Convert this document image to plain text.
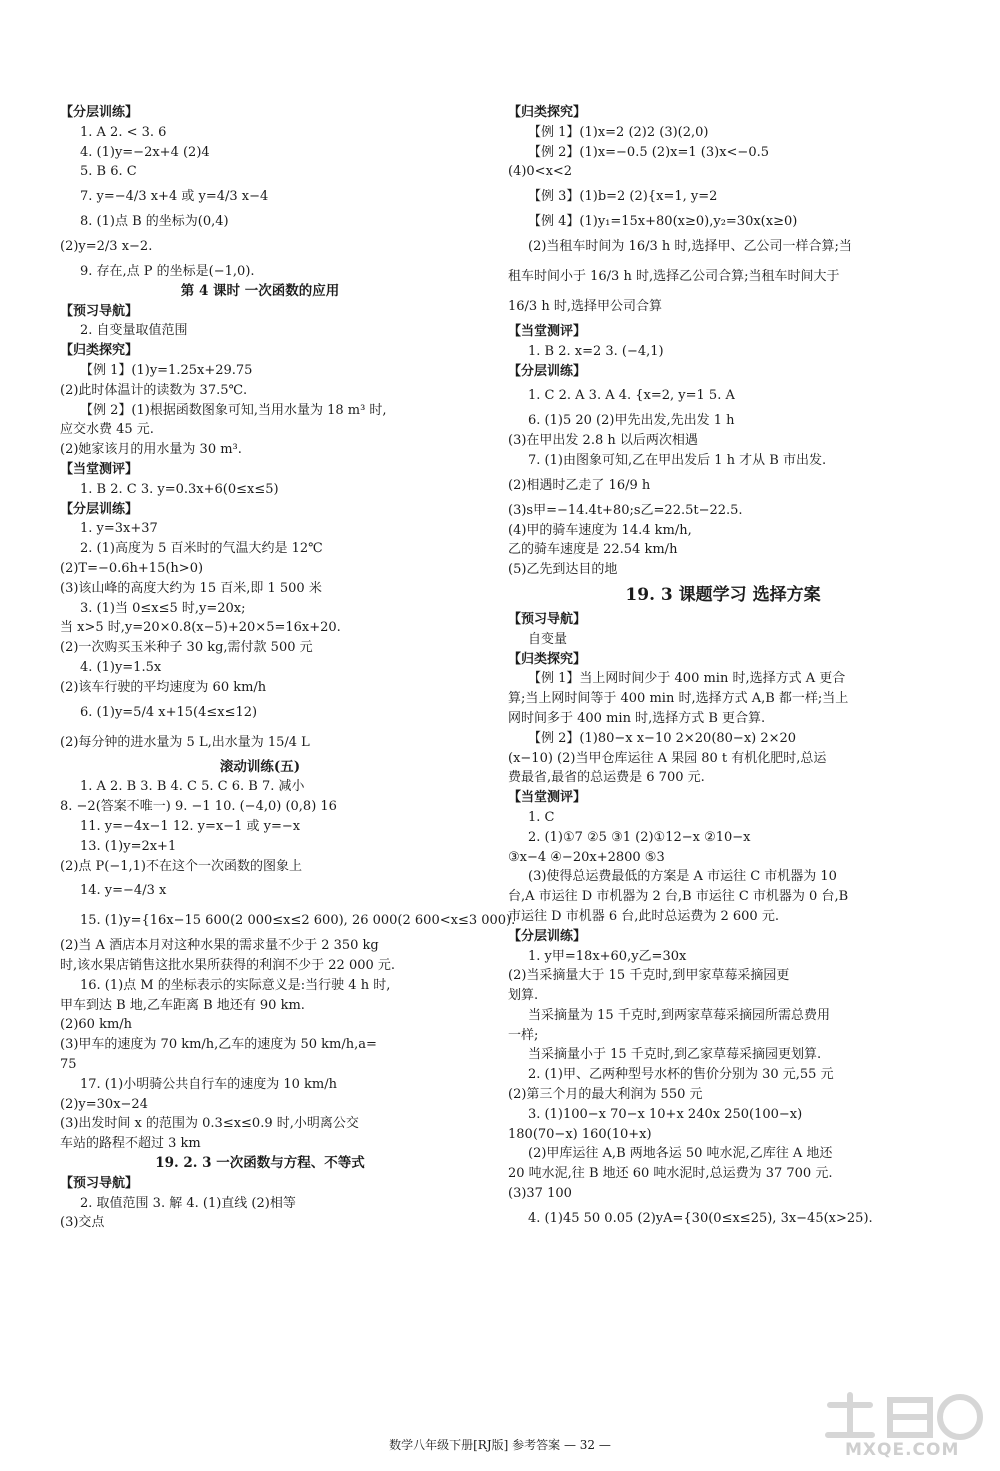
【分层训练】
1. A 2. < 3. 6
4. (1)y=−2x+4 (2)4
5. B 6. C
7. y=−4/3 x+4 或 y=4/3 x−4
8. (1)点 B 的坐标为(0,4)
(2)y=2/3 x−2.
9. 存在,点 P 的坐标是(−1,0).
第 4 课时 一次函数的应用
【预习导航】
2. 自变量取值范围
【归类探究】
【例 1】(1)y=1.25x+29.75
(2)此时体温计的读数为 37.5℃.
【例 2】(1)根据函数图象可知,当用水量为 18 m³ 时,
应交水费 45 元.
(2)她家该月的用水量为 30 m³.
【当堂测评】
1. B 2. C 3. y=0.3x+6(0≤x≤5)
【分层训练】
1. y=3x+37
2. (1)高度为 5 百米时的气温大约是 12℃
(2)T=−0.6h+15(h>0)
(3)该山峰的高度大约为 15 百米,即 1 500 米
3. (1)当 0≤x≤5 时,y=20x;
当 x>5 时,y=20×0.8(x−5)+20×5=16x+20.
(2)一次购买玉米种子 30 kg,需付款 500 元
4. (1)y=1.5x
(2)该车行驶的平均速度为 60 km/h
6. (1)y=5/4 x+15(4≤x≤12)
(2)每分钟的进水量为 5 L,出水量为 15/4 L
滚动训练(五)
1. A 2. B 3. B 4. C 5. C 6. B 7. 减小
8. −2(答案不唯一) 9. −1 10. (−4,0) (0,8) 16
11. y=−4x−1 12. y=x−1 或 y=−x
13. (1)y=2x+1
(2)点 P(−1,1)不在这个一次函数的图象上
14. y=−4/3 x
15. (1)y={16x−15 600(2 000≤x≤2 600), 26 000(2 600<x≤3 000).
(2)当 A 酒店本月对这种水果的需求量不少于 2 350 kg
时,该水果店销售这批水果所获得的利润不少于 22 000 元.
16. (1)点 M 的坐标表示的实际意义是:当行驶 4 h 时,
甲车到达 B 地,乙车距离 B 地还有 90 km.
(2)60 km/h
(3)甲车的速度为 70 km/h,乙车的速度为 50 km/h,a=
75
17. (1)小明骑公共自行车的速度为 10 km/h
(2)y=30x−24
(3)出发时间 x 的范围为 0.3≤x≤0.9 时,小明离公交
车站的路程不超过 3 km
19. 2. 3 一次函数与方程、不等式
【预习导航】
2. 取值范围 3. 解 4. (1)直线 (2)相等
(3)交点
【归类探究】
【例 1】(1)x=2 (2)2 (3)(2,0)
【例 2】(1)x=−0.5 (2)x=1 (3)x<−0.5
(4)0<x<2
【例 3】(1)b=2 (2){x=1, y=2
【例 4】(1)y₁=15x+80(x≥0),y₂=30x(x≥0)
(2)当租车时间为 16/3 h 时,选择甲、乙公司一样合算;当
租车时间小于 16/3 h 时,选择乙公司合算;当租车时间大于
16/3 h 时,选择甲公司合算
【当堂测评】
1. B 2. x=2 3. (−4,1)
【分层训练】
1. C 2. A 3. A 4. {x=2, y=1 5. A
6. (1)5 20 (2)甲先出发,先出发 1 h
(3)在甲出发 2.8 h 以后两次相遇
7. (1)由图象可知,乙在甲出发后 1 h 才从 B 市出发.
(2)相遇时乙走了 16/9 h
(3)s甲=−14.4t+80;s乙=22.5t−22.5.
(4)甲的骑车速度为 14.4 km/h,
乙的骑车速度是 22.54 km/h
(5)乙先到达目的地
19. 3 课题学习 选择方案
【预习导航】
自变量
【归类探究】
【例 1】当上网时间少于 400 min 时,选择方式 A 更合
算;当上网时间等于 400 min 时,选择方式 A,B 都一样;当上
网时间多于 400 min 时,选择方式 B 更合算.
【例 2】(1)80−x x−10 2×20(80−x) 2×20
(x−10) (2)当甲仓库运往 A 果园 80 t 有机化肥时,总运
费最省,最省的总运费是 6 700 元.
【当堂测评】
1. C
2. (1)①7 ②5 ③1 (2)①12−x ②10−x
③x−4 ④−20x+2800 ⑤3
(3)使得总运费最低的方案是 A 市运往 C 市机器为 10
台,A 市运往 D 市机器为 2 台,B 市运往 C 市机器为 0 台,B
市运往 D 市机器 6 台,此时总运费为 2 600 元.
【分层训练】
1. y甲=18x+60,y乙=30x
(2)当采摘量大于 15 千克时,到甲家草莓采摘园更
划算.
当采摘量为 15 千克时,到两家草莓采摘园所需总费用
一样;
当采摘量小于 15 千克时,到乙家草莓采摘园更划算.
2. (1)甲、乙两种型号水杯的售价分别为 30 元,55 元
(2)第三个月的最大利润为 550 元
3. (1)100−x 70−x 10+x 240x 250(100−x)
180(70−x) 160(10+x)
(2)甲库运往 A,B 两地各运 50 吨水泥,乙库往 A 地还
20 吨水泥,往 B 地还 60 吨水泥时,总运费为 37 700 元.
(3)37 100
4. (1)45 50 0.05 (2)yA={30(0≤x≤25), 3x−45(x>25).
数学八年级下册[RJ版] 参考答案 — 32 —	MXQE.COM
